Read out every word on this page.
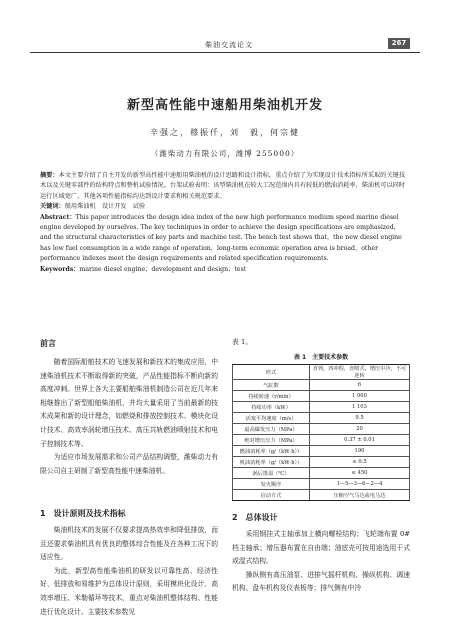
柴油交流论文	267
新型高性能中速船用柴油机开发
辛强之，穆振仟，刘　毅，何宗健
（潍柴动力有限公司，潍博 255000）

摘要：本文主要介绍了自主开发的新型高性能中速船用柴油机的设计思路和设计指标，重点介绍了为实现设计技术指标所采取的关键技术以及关键零部件的结构特点和整机试验情况。台架试验表明：该型柴油机在较大工况范围内具有较低的燃油消耗率，柴油机可以同时运行区域宽广，其他各项性能指标均达到设计要求和相关规范要求。

关键词：船用柴油机　设计开发　试验

Abstract：This paper introduces the design idea index of the new high performance medium speed marine diesel engine developed by ourselves. The key techniques in order to achieve the design specifications are emphasized，and the structural characteristics of key parts and machine test. The bench test shows that，the new diesel engine has low fuel consumption in a wide range of operation，long-term economic operation area is broad，other performance indexes meet the design requirements and related specification requirements.

Keywords：marine diesel engine；development and design；test

前言

随着国际船舶技术的飞速发展和新技术的集成应用，中速柴油机技术不断取得新的突破，产品性能指标不断向新的高度冲刺。世界上各大主要船舶柴油机制造公司在近几年来相继推出了新型船舶柴油机，并均大量采用了当前最新的技术成果和新的设计理念，如燃烧和排放控制技术、模块化设计技术、高效率涡轮增压技术、高压共轨燃油喷射技术和电子控制技术等。

为适应市场发展需求和公司产品结构调整，潍柴动力有限公司自主研制了新型高性能中速柴油机。

1　设计原则及技术指标

柴油机技术的发展不仅要求提高热效率和降低排放，而且还要求柴油机具有优良的整体综合性能及在各种工况下的适应性。

为此，新型高性能柴油机的研发以可靠性高、经济性好、低排放和易维护为总体设计原则，采用模块化设计、高效率增压、米勒循环等技术，重点对柴油机整体结构、性能进行优化设计。主要技术参数见

表 1。
表 1　主要技术参数
形式	直列，四冲程，直喷式，增压中冷，不可逆转
气缸数	6
持续转速（r/min）	1 000
持续功率（kW）	1 103
活塞平均速度（m/s）	9.5
最高爆发压力（MPa）	20
绝对增压压力（MPa）	0.37 ± 0.01
燃油消耗率（g/（kW·h））	190
机油消耗率（g/（kW·h））	≤ 0.5
涡后排温（℃）	≤ 450
发火顺序	1—5—3—6—2—4
启动方式	压缩空气马达或电马达
2　总体设计

采用钢挂式主轴承加上横向螺栓结构；飞轮端布置 0# 档主轴承；增压器布置在自由端；油底壳可按用途选用干式或湿式结构。

操纵侧有高压油泵、进排气摇杆机构、操纵机构、调速机构、盘车机构及仪表板等；排气侧有中冷
